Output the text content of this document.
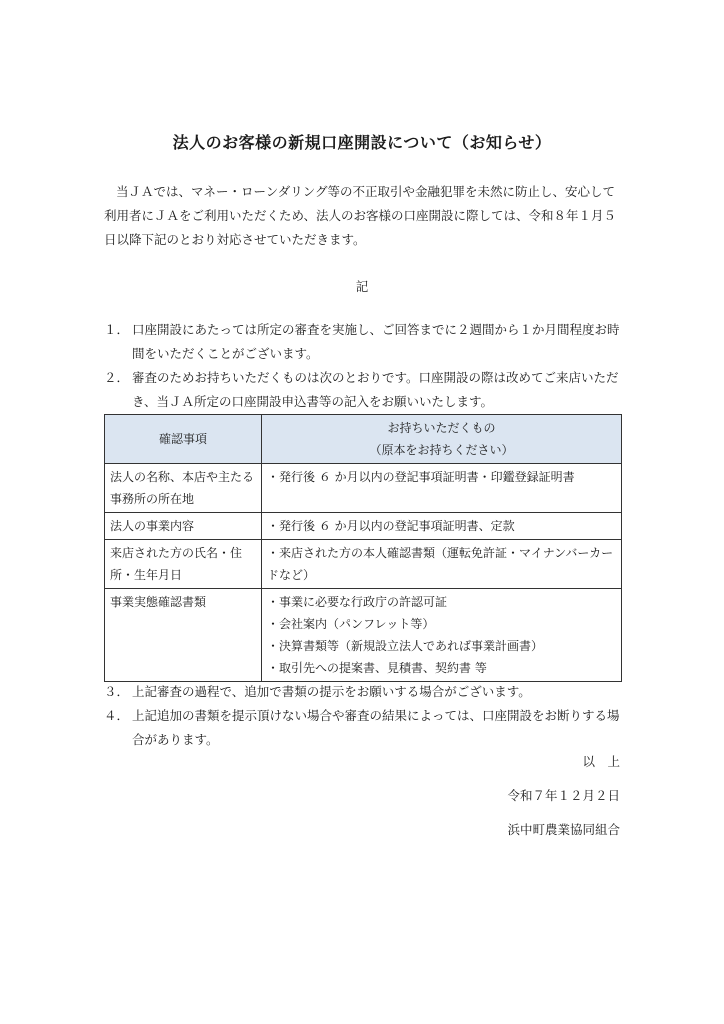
法人のお客様の新規口座開設について（お知らせ）
当ＪＡでは、マネー・ローンダリング等の不正取引や金融犯罪を未然に防止し、安心して利用者にＪＡをご利用いただくため、法人のお客様の口座開設に際しては、令和８年１月５日以降下記のとおり対応させていただきます。
記
１． 口座開設にあたっては所定の審査を実施し、ご回答までに２週間から１か月間程度お時間をいただくことがございます。
２． 審査のためお持ちいただくものは次のとおりです。口座開設の際は改めてご来店いただき、当ＪＡ所定の口座開設申込書等の記入をお願いいたします。
確認事項	お持ちいただくもの
（原本をお持ちください）

法人の名称、本店や主たる事務所の所在地	・発行後 ６ か月以内の登記事項証明書・印鑑登録証明書

法人の事業内容	・発行後 ６ か月以内の登記事項証明書、定款

来店された方の氏名・住所・生年月日	・来店された方の本人確認書類（運転免許証・マイナンバーカードなど）

事業実態確認書類	・事業に必要な行政庁の許認可証
・会社案内（パンフレット等）
・決算書類等（新規設立法人であれば事業計画書）
・取引先への提案書、見積書、契約書 等
３． 上記審査の過程で、追加で書類の提示をお願いする場合がございます。
４． 上記追加の書類を提示頂けない場合や審査の結果によっては、口座開設をお断りする場合があります。
以　上
令和７年１２月２日
浜中町農業協同組合
